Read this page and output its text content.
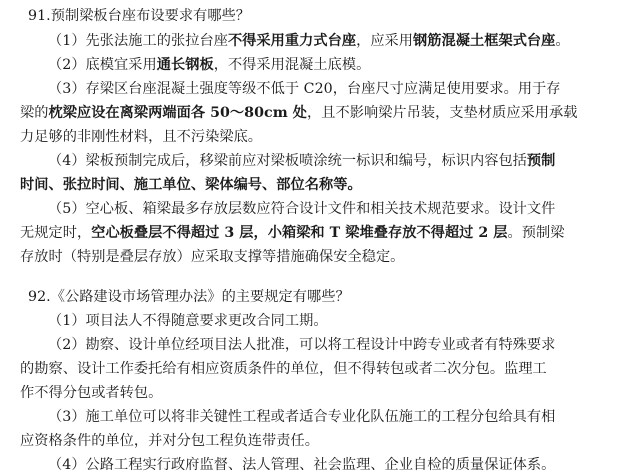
91.预制梁板台座布设要求有哪些？
（1）先张法施工的张拉台座不得采用重力式台座，应采用钢筋混凝土框架式台座。
（2）底模宜采用通长钢板，不得采用混凝土底模。
（3）存梁区台座混凝土强度等级不低于 C20，台座尺寸应满足使用要求。用于存
梁的枕梁应设在离梁两端面各 50～80cm 处，且不影响梁片吊装，支垫材质应采用承载
力足够的非刚性材料，且不污染梁底。
（4）梁板预制完成后，移梁前应对梁板喷涂统一标识和编号，标识内容包括预制
时间、张拉时间、施工单位、梁体编号、部位名称等。
（5）空心板、箱梁最多存放层数应符合设计文件和相关技术规范要求。设计文件
无规定时，空心板叠层不得超过 3 层，小箱梁和 T 梁堆叠存放不得超过 2 层。预制梁
存放时（特别是叠层存放）应采取支撑等措施确保安全稳定。
92.《公路建设市场管理办法》的主要规定有哪些？
（1）项目法人不得随意要求更改合同工期。
（2）勘察、设计单位经项目法人批准，可以将工程设计中跨专业或者有特殊要求
的勘察、设计工作委托给有相应资质条件的单位，但不得转包或者二次分包。监理工
作不得分包或者转包。
（3）施工单位可以将非关键性工程或者适合专业化队伍施工的工程分包给具有相
应资格条件的单位，并对分包工程负连带责任。
（4）公路工程实行政府监督、法人管理、社会监理、企业自检的质量保证体系。
